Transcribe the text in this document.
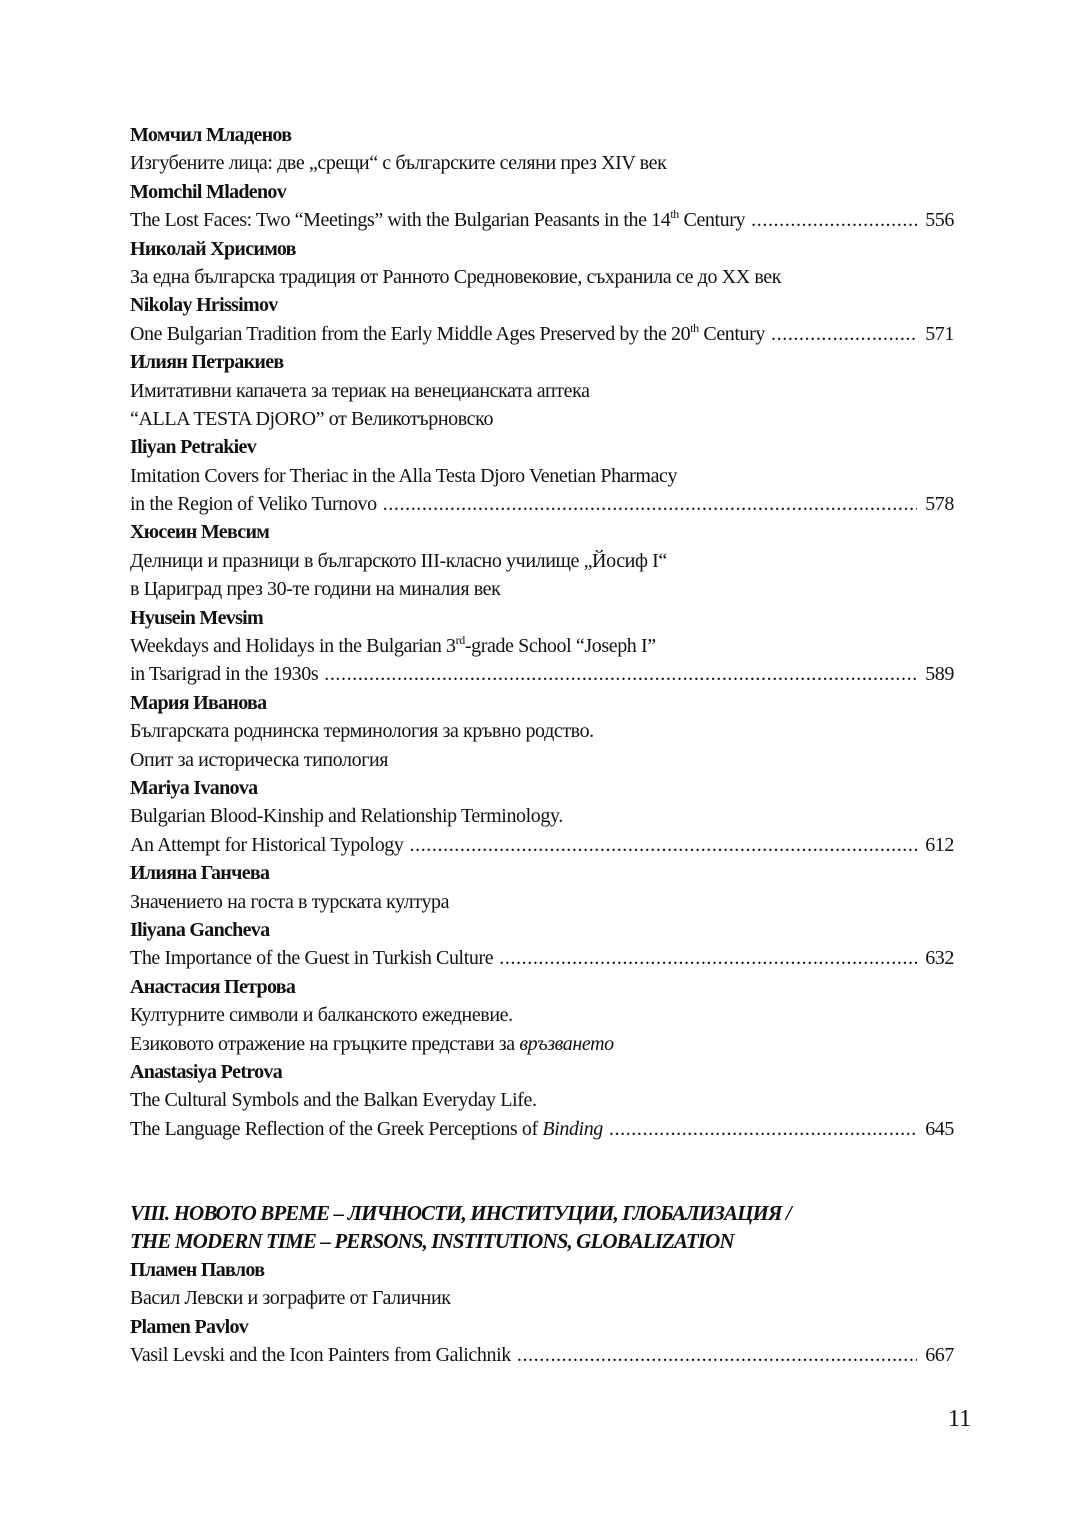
Момчил Младенов
Изгубените лица: две „срещи“ с българските селяни през XIV век
Momchil Mladenov
The Lost Faces: Two “Meetings” with the Bulgarian Peasants in the 14th Century . . .	556
Николай Хрисимов
За една българска традиция от Ранното Средновековие, съхранила се до XX век
Nikolay Hrissimov
One Bulgarian Tradition from the Early Middle Ages Preserved by the 20th Century . . .	571
Илиян Петракиев
Имитативни капачета за териак на венецианската аптека
“ALLA TESTA DjORO” от Великотърновско
Iliyan Petrakiev
Imitation Covers for Theriac in the Alla Testa Djoro Venetian Pharmacy
in the Region of Veliko Turnovo . . .	578
Хюсеин Мевсим
Делници и празници в българското III-класно училище „Йосиф I“
в Цариград през 30-те години на миналия век
Hyusein Mevsim
Weekdays and Holidays in the Bulgarian 3rd-grade School “Joseph I”
in Tsarigrad in the 1930s . . .	589
Мария Иванова
Българската роднинска терминология за кръвно родство.
Опит за историческа типология
Mariya Ivanova
Bulgarian Blood-Kinship and Relationship Terminology.
An Attempt for Historical Typology . . .	612
Илияна Ганчева
Значението на госта в турската култура
Iliyana Gancheva
The Importance of the Guest in Turkish Culture . . .	632
Анастасия Петрова
Културните символи и балканското ежедневие.
Езиковото отражение на гръцките представи за връзването
Anastasiya Petrova
The Cultural Symbols and the Balkan Everyday Life.
The Language Reflection of the Greek Perceptions of Binding . . .	645
VIII. НОВОТО ВРЕМЕ – ЛИЧНОСТИ, ИНСТИТУЦИИ, ГЛОБАЛИЗАЦИЯ /
THE MODERN TIME – PERSONS, INSTITUTIONS, GLOBALIZATION
Пламен Павлов
Васил Левски и зографите от Галичник
Plamen Pavlov
Vasil Levski and the Icon Painters from Galichnik . . .	667
11
